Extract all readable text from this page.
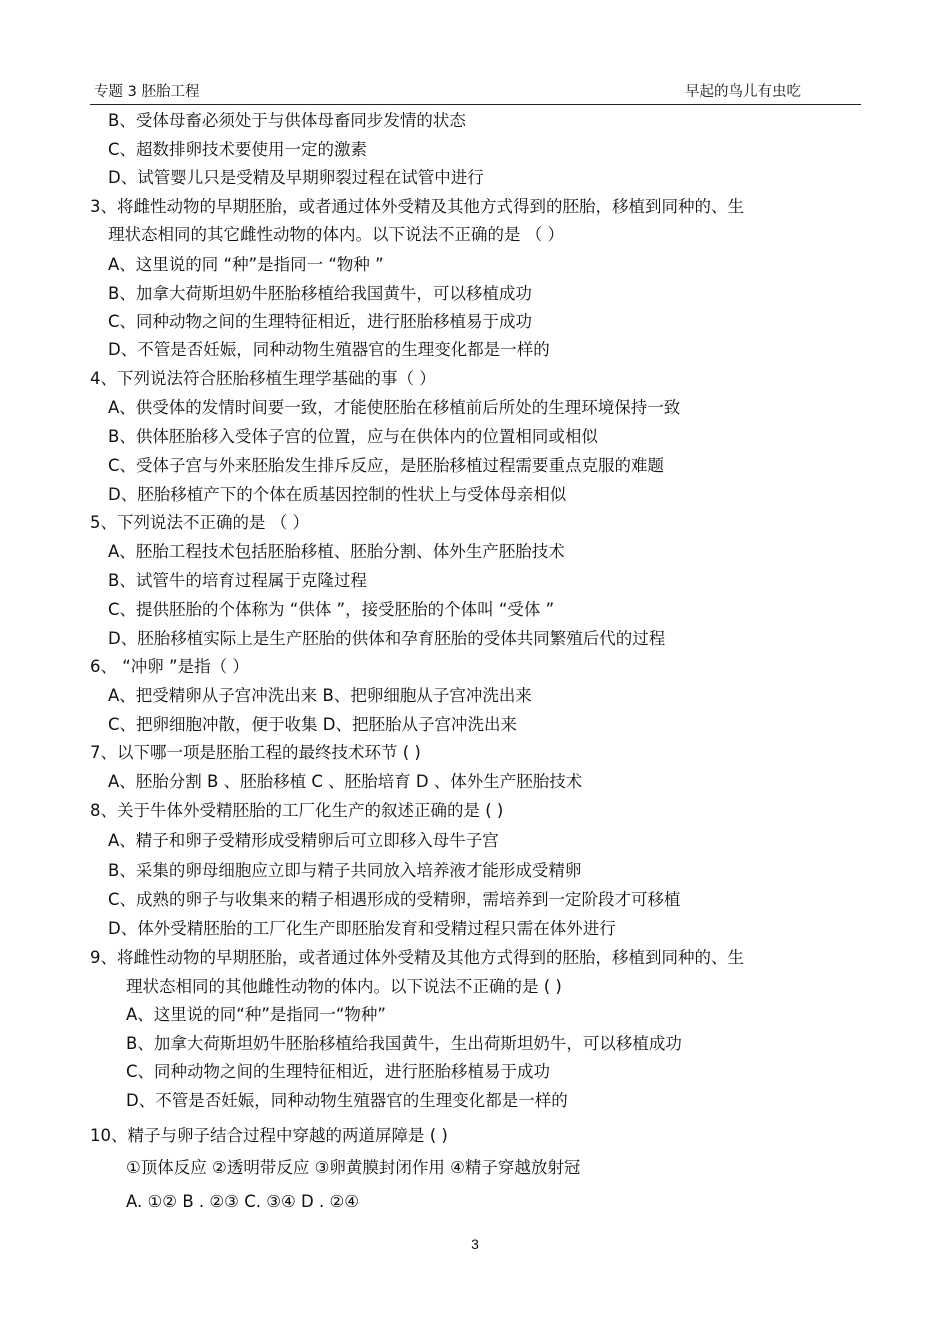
专题 3 胚胎工程	早起的鸟儿有虫吃
B、受体母畜必须处于与供体母畜同步发情的状态
C、超数排卵技术要使用一定的激素
D、试管婴儿只是受精及早期卵裂过程在试管中进行
3、将雌性动物的早期胚胎，或者通过体外受精及其他方式得到的胚胎，移植到同种的、生
理状态相同的其它雌性动物的体内。以下说法不正确的是 （ ）
A、这里说的同 “种”是指同一 “物种 ”
B、加拿大荷斯坦奶牛胚胎移植给我国黄牛，可以移植成功
C、同种动物之间的生理特征相近，进行胚胎移植易于成功
D、不管是否妊娠，同种动物生殖器官的生理变化都是一样的
4、下列说法符合胚胎移植生理学基础的事（ ）
A、供受体的发情时间要一致，才能使胚胎在移植前后所处的生理环境保持一致
B、供体胚胎移入受体子宫的位置，应与在供体内的位置相同或相似
C、受体子宫与外来胚胎发生排斥反应，是胚胎移植过程需要重点克服的难题
D、胚胎移植产下的个体在质基因控制的性状上与受体母亲相似
5、下列说法不正确的是 （ ）
A、胚胎工程技术包括胚胎移植、胚胎分割、体外生产胚胎技术
B、试管牛的培育过程属于克隆过程
C、提供胚胎的个体称为 “供体 ”，接受胚胎的个体叫 “受体 ”
D、胚胎移植实际上是生产胚胎的供体和孕育胚胎的受体共同繁殖后代的过程
6、 “冲卵 ”是指（ ）
A、把受精卵从子宫冲洗出来 B、把卵细胞从子宫冲洗出来
C、把卵细胞冲散，便于收集 D、把胚胎从子宫冲洗出来
7、以下哪一项是胚胎工程的最终技术环节 ( )
A、胚胎分割 B 、胚胎移植 C 、胚胎培育 D 、体外生产胚胎技术
8、关于牛体外受精胚胎的工厂化生产的叙述正确的是 ( )
A、精子和卵子受精形成受精卵后可立即移入母牛子宫
B、采集的卵母细胞应立即与精子共同放入培养液才能形成受精卵
C、成熟的卵子与收集来的精子相遇形成的受精卵，需培养到一定阶段才可移植
D、体外受精胚胎的工厂化生产即胚胎发育和受精过程只需在体外进行
9、将雌性动物的早期胚胎，或者通过体外受精及其他方式得到的胚胎，移植到同种的、生
理状态相同的其他雌性动物的体内。以下说法不正确的是 ( )
A、这里说的同“种”是指同一“物种”
B、加拿大荷斯坦奶牛胚胎移植给我国黄牛，生出荷斯坦奶牛，可以移植成功
C、同种动物之间的生理特征相近，进行胚胎移植易于成功
D、不管是否妊娠，同种动物生殖器官的生理变化都是一样的
10、精子与卵子结合过程中穿越的两道屏障是 ( )
①顶体反应 ②透明带反应 ③卵黄膜封闭作用 ④精子穿越放射冠
A. ①② B . ②③ C. ③④ D . ②④
3
